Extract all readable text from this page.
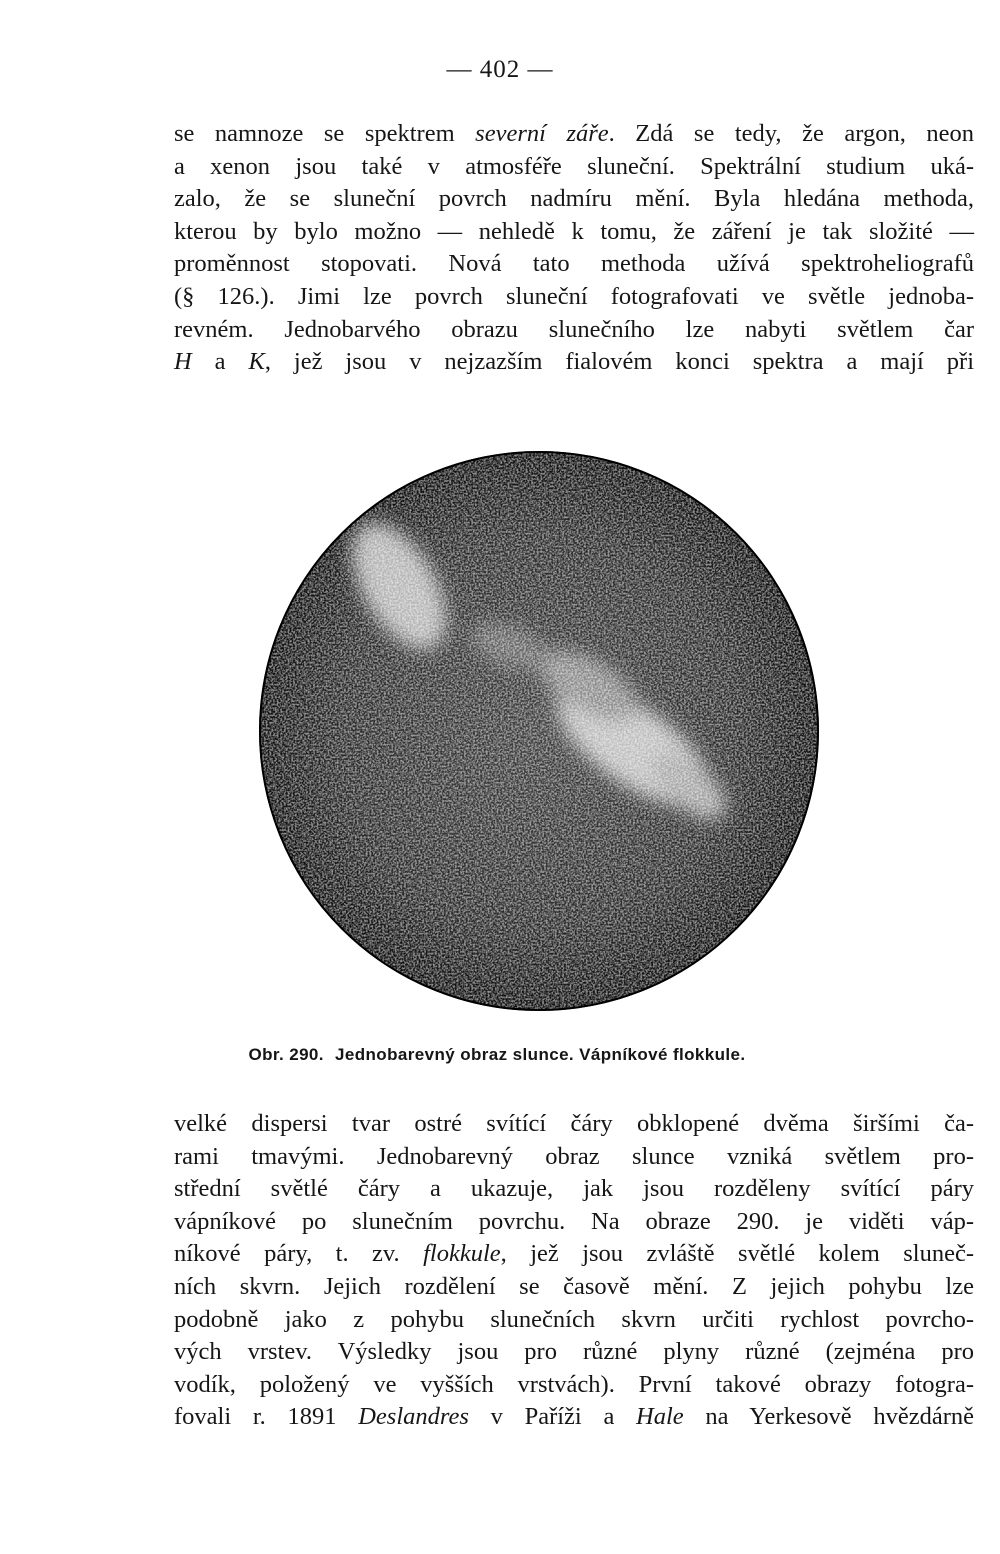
— 402 —
se namnoze se spektrem severní záře. Zdá se tedy, že argon, neon
a xenon jsou také v atmosféře sluneční. Spektrální studium uká-
zalo, že se sluneční povrch nadmíru mění. Byla hledána methoda,
kterou by bylo možno — nehledě k tomu, že záření je tak složité —
proměnnost stopovati. Nová tato methoda užívá spektroheliografů
(§ 126.). Jimi lze povrch sluneční fotografovati ve světle jednoba-
revném. Jednobarvého obrazu slunečního lze nabyti světlem čar
H a K, jež jsou v nejzazším fialovém konci spektra a mají při
Obr. 290. Jednobarevný obraz slunce. Vápníkové flokkule.
velké dispersi tvar ostré svítící čáry obklopené dvěma širšími ča-
rami tmavými. Jednobarevný obraz slunce vzniká světlem pro-
střední světlé čáry a ukazuje, jak jsou rozděleny svítící páry
vápníkové po slunečním povrchu. Na obraze 290. je viděti váp-
níkové páry, t. zv. flokkule, jež jsou zvláště světlé kolem sluneč-
ních skvrn. Jejich rozdělení se časově mění. Z jejich pohybu lze
podobně jako z pohybu slunečních skvrn určiti rychlost povrcho-
vých vrstev. Výsledky jsou pro různé plyny různé (zejména pro
vodík, položený ve vyšších vrstvách). První takové obrazy fotogra-
fovali r. 1891 Deslandres v Paříži a Hale na Yerkesově hvězdárně
